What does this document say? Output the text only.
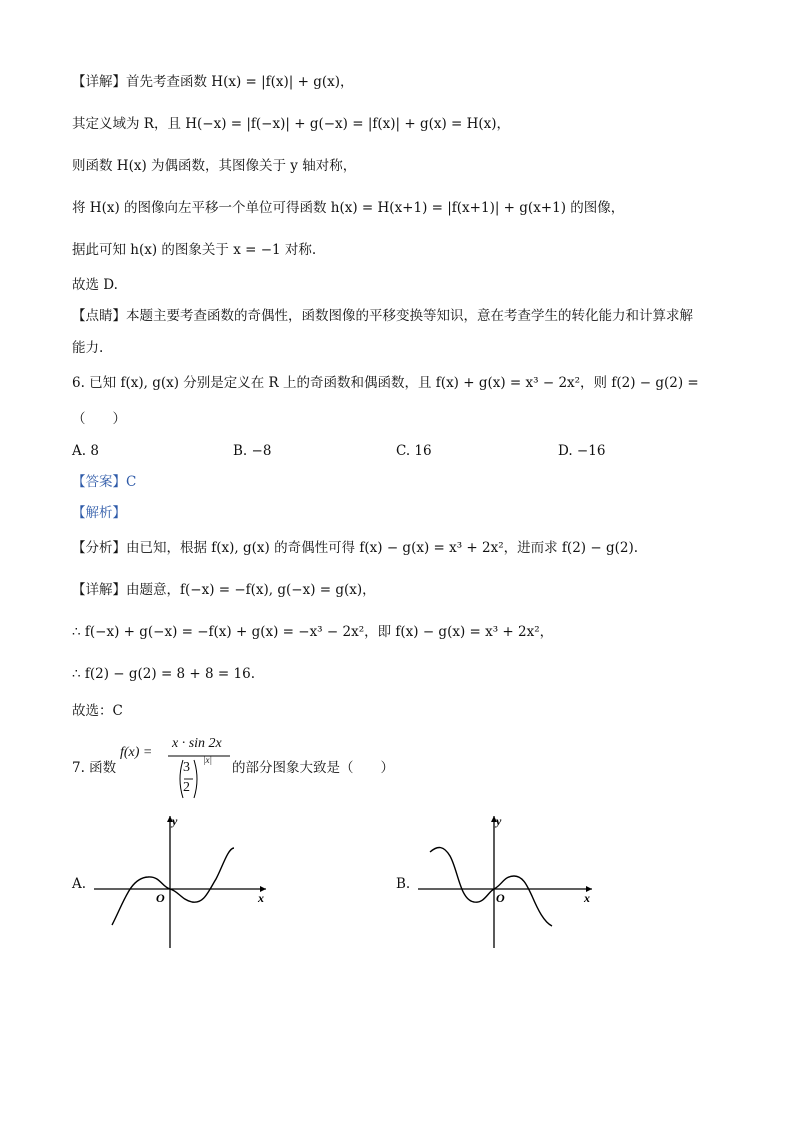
【详解】首先考查函数 H(x) = |f(x)| + g(x)，
其定义域为 R，且 H(−x) = |f(−x)| + g(−x) = |f(x)| + g(x) = H(x)，
则函数 H(x) 为偶函数，其图像关于 y 轴对称，
将 H(x) 的图像向左平移一个单位可得函数 h(x) = H(x+1) = |f(x+1)| + g(x+1) 的图像，
据此可知 h(x) 的图象关于 x = −1 对称.
故选 D.
【点睛】本题主要考查函数的奇偶性，函数图像的平移变换等知识，意在考查学生的转化能力和计算求解
能力.
6. 已知 f(x), g(x) 分别是定义在 R 上的奇函数和偶函数，且 f(x) + g(x) = x³ − 2x²，则 f(2) − g(2) =
（　　）
A. 8	B. −8	C. 16	D. −16
【答案】C
【解析】
【分析】由已知，根据 f(x), g(x) 的奇偶性可得 f(x) − g(x) = x³ + 2x²，进而求 f(2) − g(2).
【详解】由题意，f(−x) = −f(x), g(−x) = g(x)，
∴ f(−x) + g(−x) = −f(x) + g(x) = −x³ − 2x²，即 f(x) − g(x) = x³ + 2x²，
∴ f(2) − g(2) = 8 + 8 = 16.
故选：C
7. 函数
f(x) =
x · sin 2x
3
2
|x| 的部分图象大致是（　　）
A.
y
x
O
B.
y
x
O
